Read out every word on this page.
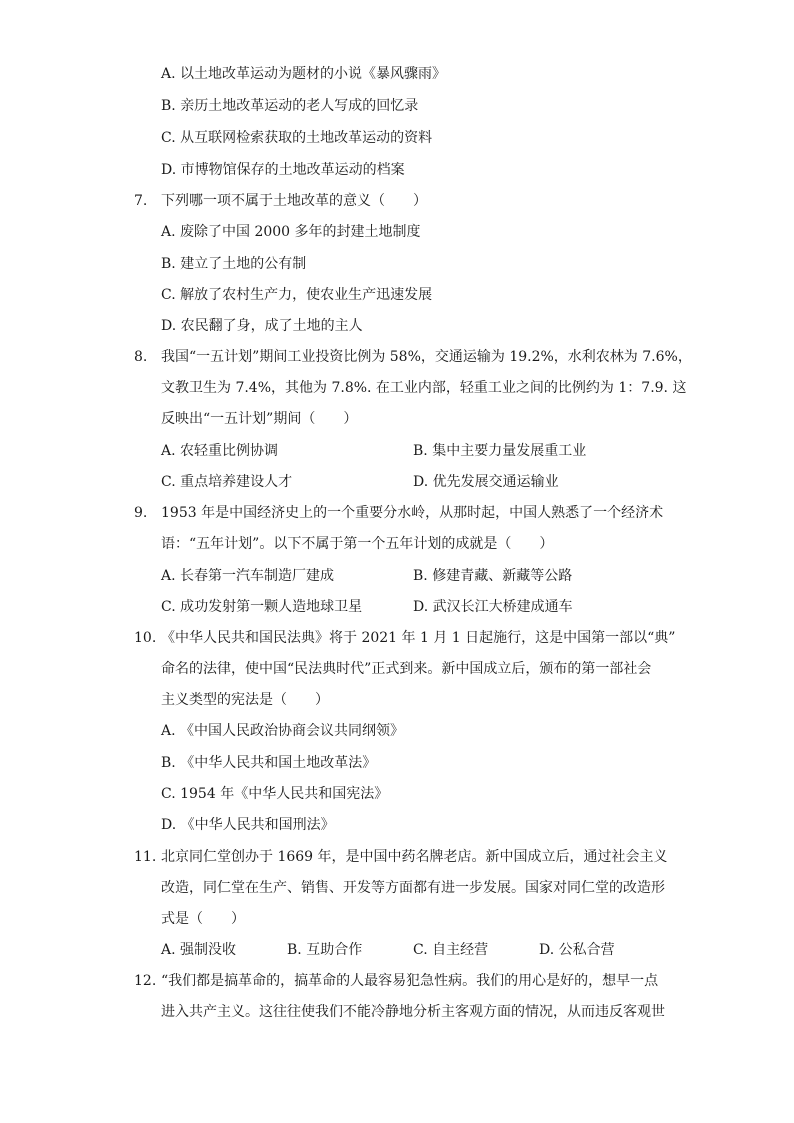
A. 以土地改革运动为题材的小说《暴风骤雨》
B. 亲历土地改革运动的老人写成的回忆录
C. 从互联网检索获取的土地改革运动的资料
D. 市博物馆保存的土地改革运动的档案
7. 下列哪一项不属于土地改革的意义（　　）
A. 废除了中国 2000 多年的封建土地制度
B. 建立了土地的公有制
C. 解放了农村生产力，使农业生产迅速发展
D. 农民翻了身，成了土地的主人
8. 我国“一五计划”期间工业投资比例为 58%，交通运输为 19.2%，水利农林为 7.6%，
文教卫生为 7.4%，其他为 7.8%. 在工业内部，轻重工业之间的比例约为 1：7.9. 这
反映出“一五计划”期间（　　）
A. 农轻重比例协调	B. 集中主要力量发展重工业
C. 重点培养建设人才	D. 优先发展交通运输业
9. 1953 年是中国经济史上的一个重要分水岭，从那时起，中国人熟悉了一个经济术
语：“五年计划”。以下不属于第一个五年计划的成就是（　　）
A. 长春第一汽车制造厂建成	B. 修建青藏、新藏等公路
C. 成功发射第一颗人造地球卫星	D. 武汉长江大桥建成通车
10. 《中华人民共和国民法典》将于 2021 年 1 月 1 日起施行，这是中国第一部以“典”
命名的法律，使中国“民法典时代”正式到来。新中国成立后，颁布的第一部社会
主义类型的宪法是（　　）
A. 《中国人民政治协商会议共同纲领》
B. 《中华人民共和国土地改革法》
C. 1954 年《中华人民共和国宪法》
D. 《中华人民共和国刑法》
11. 北京同仁堂创办于 1669 年，是中国中药名牌老店。新中国成立后，通过社会主义
改造，同仁堂在生产、销售、开发等方面都有进一步发展。国家对同仁堂的改造形
式是（　　）
A. 强制没收	B. 互助合作	C. 自主经营	D. 公私合营
12. “我们都是搞革命的，搞革命的人最容易犯急性病。我们的用心是好的，想早一点
进入共产主义。这往往使我们不能冷静地分析主客观方面的情况，从而违反客观世
